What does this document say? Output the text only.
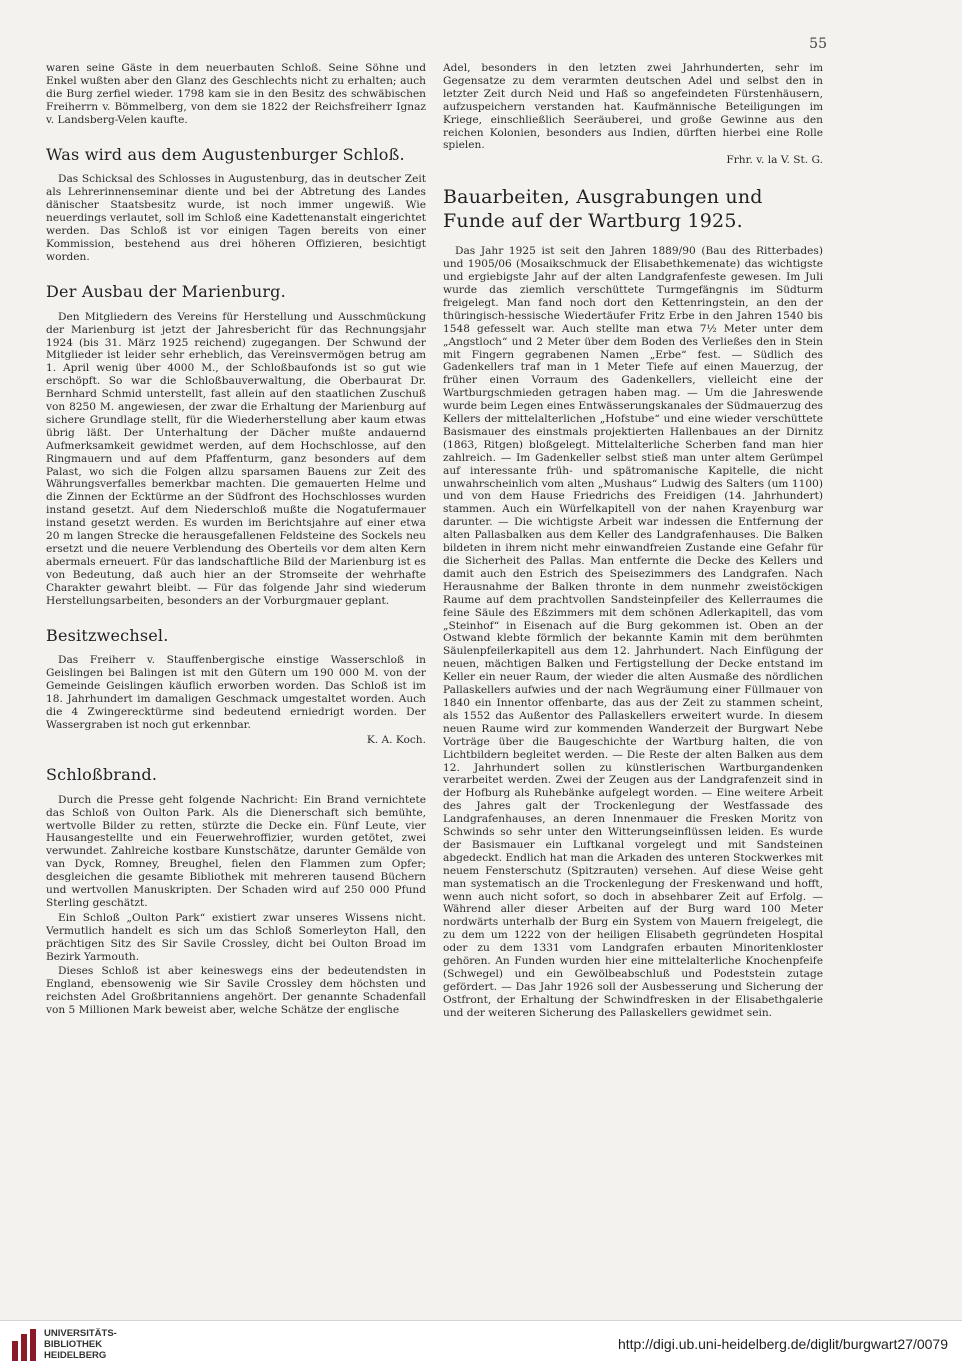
55

waren seine Gäste in dem neuerbauten Schloß. Seine Söhne und Enkel wußten aber den Glanz des Geschlechts nicht zu erhalten; auch die Burg zerfiel wieder. 1798 kam sie in den Besitz des schwäbischen Freiherrn v. Bömmelberg, von dem sie 1822 der Reichsfreiherr Ignaz v. Landsberg-Velen kaufte.

Was wird aus dem Augustenburger Schloß.

Das Schicksal des Schlosses in Augustenburg, das in deutscher Zeit als Lehrerinnenseminar diente und bei der Abtretung des Landes dänischer Staatsbesitz wurde, ist noch immer ungewiß. Wie neuerdings verlautet, soll im Schloß eine Kadettenanstalt eingerichtet werden. Das Schloß ist vor einigen Tagen bereits von einer Kommission, bestehend aus drei höheren Offizieren, besichtigt worden.

Der Ausbau der Marienburg.

Den Mitgliedern des Vereins für Herstellung und Ausschmückung der Marienburg ist jetzt der Jahresbericht für das Rechnungsjahr 1924 (bis 31. März 1925 reichend) zugegangen. Der Schwund der Mitglieder ist leider sehr erheblich, das Vereinsvermögen betrug am 1. April wenig über 4000 M., der Schloßbaufonds ist so gut wie erschöpft. So war die Schloßbauverwaltung, die Oberbaurat Dr. Bernhard Schmid unterstellt, fast allein auf den staatlichen Zuschuß von 8250 M. angewiesen, der zwar die Erhaltung der Marienburg auf sichere Grundlage stellt, für die Wiederherstellung aber kaum etwas übrig läßt. Der Unterhaltung der Dächer mußte andauernd Aufmerksamkeit gewidmet werden, auf dem Hochschlosse, auf den Ringmauern und auf dem Pfaffenturm, ganz besonders auf dem Palast, wo sich die Folgen allzu sparsamen Bauens zur Zeit des Währungsverfalles bemerkbar machten. Die gemauerten Helme und die Zinnen der Ecktürme an der Südfront des Hochschlosses wurden instand gesetzt. Auf dem Niederschloß mußte die Nogatufermauer instand gesetzt werden. Es wurden im Berichtsjahre auf einer etwa 20 m langen Strecke die herausgefallenen Feldsteine des Sockels neu ersetzt und die neuere Verblendung des Oberteils vor dem alten Kern abermals erneuert. Für das landschaftliche Bild der Marienburg ist es von Bedeutung, daß auch hier an der Stromseite der wehrhafte Charakter gewahrt bleibt. — Für das folgende Jahr sind wiederum Herstellungsarbeiten, besonders an der Vorburgmauer geplant.

Besitzwechsel.

Das Freiherr v. Stauffenbergische einstige Wasserschloß in Geislingen bei Balingen ist mit den Gütern um 190 000 M. von der Gemeinde Geislingen käuflich erworben worden. Das Schloß ist im 18. Jahrhundert im damaligen Geschmack umgestaltet worden. Auch die 4 Zwingerecktürme sind bedeutend erniedrigt worden. Der Wassergraben ist noch gut erkennbar.

K. A. Koch.

Schloßbrand.

Durch die Presse geht folgende Nachricht: Ein Brand vernichtete das Schloß von Oulton Park. Als die Dienerschaft sich bemühte, wertvolle Bilder zu retten, stürzte die Decke ein. Fünf Leute, vier Hausangestellte und ein Feuerwehroffizier, wurden getötet, zwei verwundet. Zahlreiche kostbare Kunstschätze, darunter Gemälde von van Dyck, Romney, Breughel, fielen den Flammen zum Opfer; desgleichen die gesamte Bibliothek mit mehreren tausend Büchern und wertvollen Manuskripten. Der Schaden wird auf 250 000 Pfund Sterling geschätzt.

Ein Schloß „Oulton Park“ existiert zwar unseres Wissens nicht. Vermutlich handelt es sich um das Schloß Somerleyton Hall, den prächtigen Sitz des Sir Savile Crossley, dicht bei Oulton Broad im Bezirk Yarmouth.

Dieses Schloß ist aber keineswegs eins der bedeutendsten in England, ebensowenig wie Sir Savile Crossley dem höchsten und reichsten Adel Großbritanniens angehört. Der genannte Schadenfall von 5 Millionen Mark beweist aber, welche Schätze der englische

Adel, besonders in den letzten zwei Jahrhunderten, sehr im Gegensatze zu dem verarmten deutschen Adel und selbst den in letzter Zeit durch Neid und Haß so angefeindeten Fürstenhäusern, aufzuspeichern verstanden hat. Kaufmännische Beteiligungen im Kriege, einschließlich Seeräuberei, und große Gewinne aus den reichen Kolonien, besonders aus Indien, dürften hierbei eine Rolle spielen.

Frhr. v. la V. St. G.

Bauarbeiten, Ausgrabungen und Funde auf der Wartburg 1925.

Das Jahr 1925 ist seit den Jahren 1889/90 (Bau des Ritterbades) und 1905/06 (Mosaikschmuck der Elisabethkemenate) das wichtigste und ergiebigste Jahr auf der alten Landgrafenfeste gewesen. Im Juli wurde das ziemlich verschüttete Turmgefängnis im Südturm freigelegt. Man fand noch dort den Kettenringstein, an den der thüringisch-hessische Wiedertäufer Fritz Erbe in den Jahren 1540 bis 1548 gefesselt war. Auch stellte man etwa 7½ Meter unter dem „Angstloch“ und 2 Meter über dem Boden des Verließes den in Stein mit Fingern gegrabenen Namen „Erbe“ fest. — Südlich des Gadenkellers traf man in 1 Meter Tiefe auf einen Mauerzug, der früher einen Vorraum des Gadenkellers, vielleicht eine der Wartburgschmieden getragen haben mag. — Um die Jahreswende wurde beim Legen eines Entwässerungskanales der Südmauerzug des Kellers der mittelalterlichen „Hofstube“ und eine wieder verschüttete Basismauer des einstmals projektierten Hallenbaues an der Dirnitz (1863, Ritgen) bloßgelegt. Mittelalterliche Scherben fand man hier zahlreich. — Im Gadenkeller selbst stieß man unter altem Gerümpel auf interessante früh- und spätromanische Kapitelle, die nicht unwahrscheinlich vom alten „Mushaus“ Ludwig des Salters (um 1100) und von dem Hause Friedrichs des Freidigen (14. Jahrhundert) stammen. Auch ein Würfelkapitell von der nahen Krayenburg war darunter. — Die wichtigste Arbeit war indessen die Entfernung der alten Pallasbalken aus dem Keller des Landgrafenhauses. Die Balken bildeten in ihrem nicht mehr einwandfreien Zustande eine Gefahr für die Sicherheit des Pallas. Man entfernte die Decke des Kellers und damit auch den Estrich des Speisezimmers des Landgrafen. Nach Herausnahme der Balken thronte in dem nunmehr zweistöckigen Raume auf dem prachtvollen Sandsteinpfeiler des Kellerraumes die feine Säule des Eßzimmers mit dem schönen Adlerkapitell, das vom „Steinhof“ in Eisenach auf die Burg gekommen ist. Oben an der Ostwand klebte förmlich der bekannte Kamin mit dem berühmten Säulenpfeilerkapitell aus dem 12. Jahrhundert. Nach Einfügung der neuen, mächtigen Balken und Fertigstellung der Decke entstand im Keller ein neuer Raum, der wieder die alten Ausmaße des nördlichen Pallaskellers aufwies und der nach Wegräumung einer Füllmauer von 1840 ein Innentor offenbarte, das aus der Zeit zu stammen scheint, als 1552 das Außentor des Pallaskellers erweitert wurde. In diesem neuen Raume wird zur kommenden Wanderzeit der Burgwart Nebe Vorträge über die Baugeschichte der Wartburg halten, die von Lichtbildern begleitet werden. — Die Reste der alten Balken aus dem 12. Jahrhundert sollen zu künstlerischen Wartburgandenken verarbeitet werden. Zwei der Zeugen aus der Landgrafenzeit sind in der Hofburg als Ruhebänke aufgelegt worden. — Eine weitere Arbeit des Jahres galt der Trockenlegung der Westfassade des Landgrafenhauses, an deren Innenmauer die Fresken Moritz von Schwinds so sehr unter den Witterungseinflüssen leiden. Es wurde der Basismauer ein Luftkanal vorgelegt und mit Sandsteinen abgedeckt. Endlich hat man die Arkaden des unteren Stockwerkes mit neuem Fensterschutz (Spitzrauten) versehen. Auf diese Weise geht man systematisch an die Trockenlegung der Freskenwand und hofft, wenn auch nicht sofort, so doch in absehbarer Zeit auf Erfolg. — Während aller dieser Arbeiten auf der Burg ward 100 Meter nordwärts unterhalb der Burg ein System von Mauern freigelegt, die zu dem um 1222 von der heiligen Elisabeth gegründeten Hospital oder zu dem 1331 vom Landgrafen erbauten Minoritenkloster gehören. An Funden wurden hier eine mittelalterliche Knochenpfeife (Schwegel) und ein Gewölbeabschluß und Podeststein zutage gefördert. — Das Jahr 1926 soll der Ausbesserung und Sicherung der Ostfront, der Erhaltung der Schwindfresken in der Elisabethgalerie und der weiteren Sicherung des Pallaskellers gewidmet sein.

UNIVERSITÄTS-
BIBLIOTHEK
HEIDELBERG
http://digi.ub.uni-heidelberg.de/diglit/burgwart27/0079
